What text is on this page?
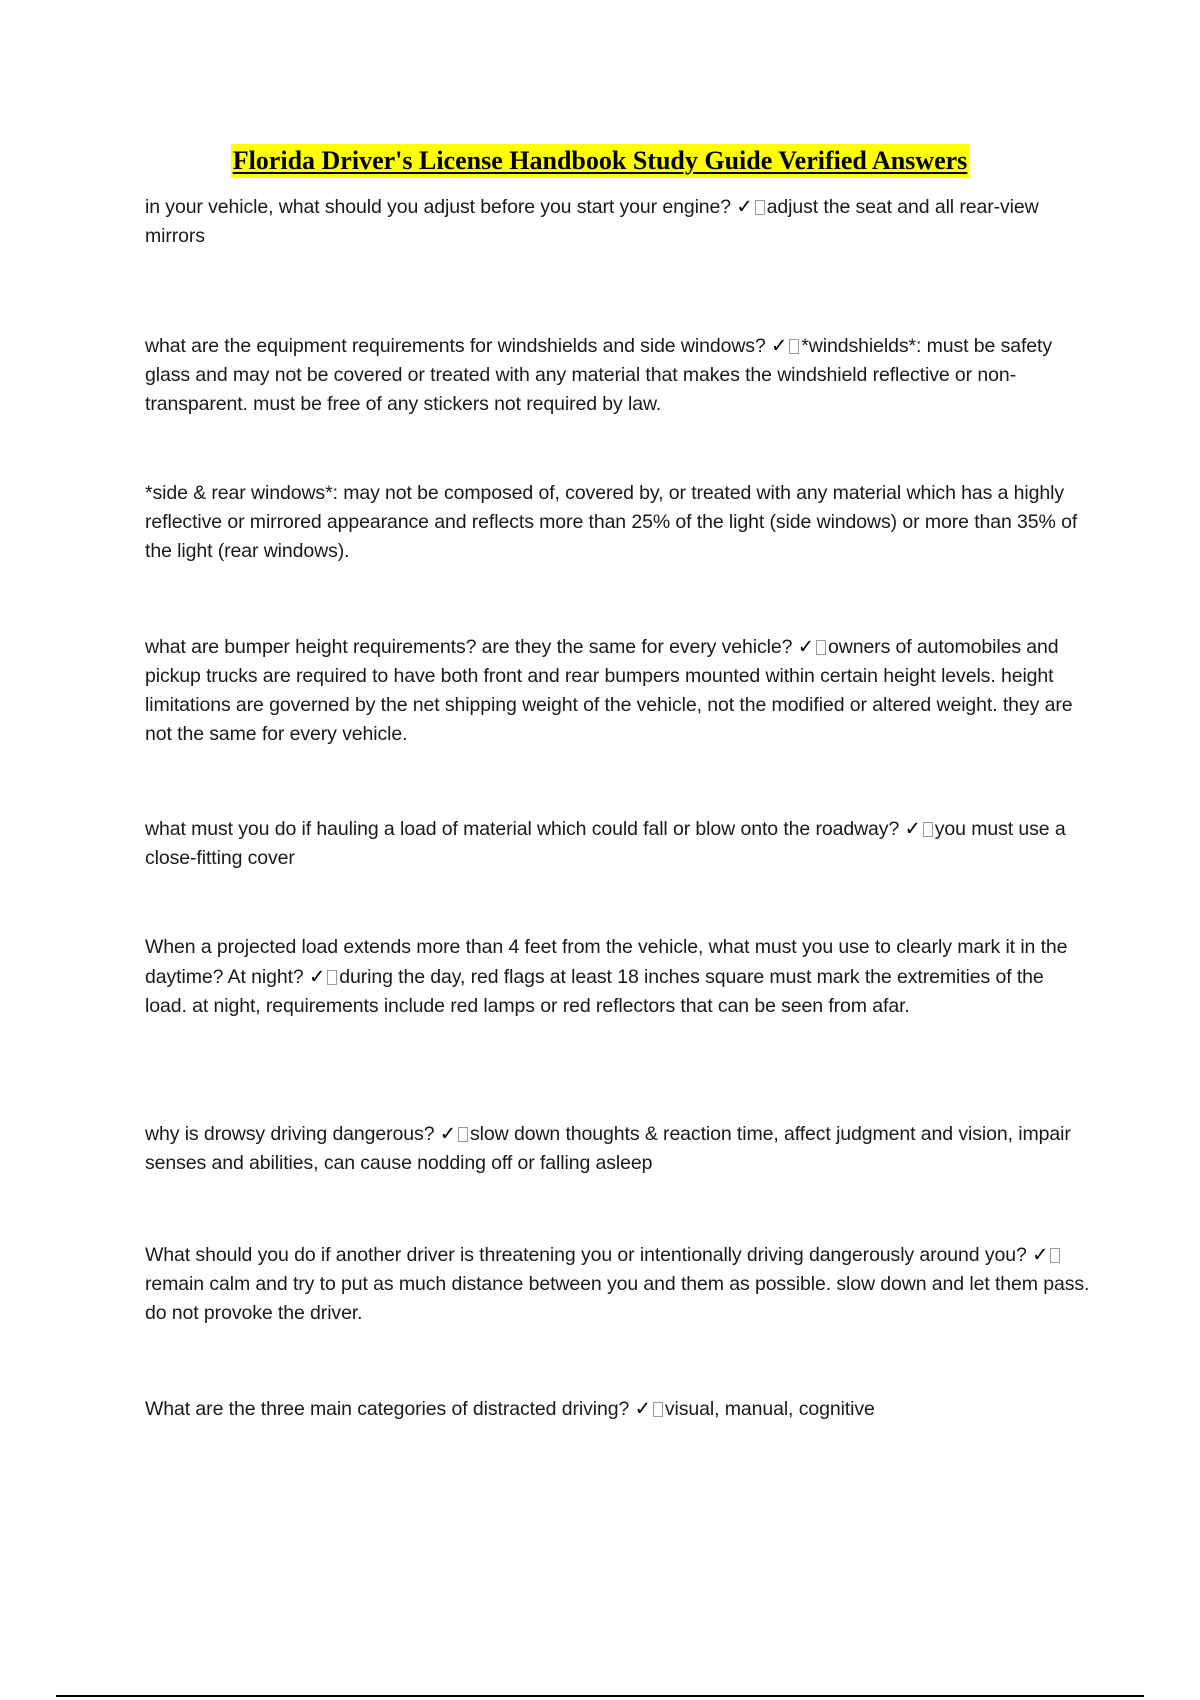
Florida Driver's License Handbook Study Guide Verified Answers
in your vehicle, what should you adjust before you start your engine? ✓ adjust the seat and all rear-view mirrors
what are the equipment requirements for windshields and side windows? ✓ *windshields*: must be safety glass and may not be covered or treated with any material that makes the windshield reflective or non-transparent. must be free of any stickers not required by law.
*side & rear windows*: may not be composed of, covered by, or treated with any material which has a highly reflective or mirrored appearance and reflects more than 25% of the light (side windows) or more than 35% of the light (rear windows).
what are bumper height requirements? are they the same for every vehicle? ✓ owners of automobiles and pickup trucks are required to have both front and rear bumpers mounted within certain height levels. height limitations are governed by the net shipping weight of the vehicle, not the modified or altered weight. they are not the same for every vehicle.
what must you do if hauling a load of material which could fall or blow onto the roadway? ✓ you must use a close-fitting cover
When a projected load extends more than 4 feet from the vehicle, what must you use to clearly mark it in the daytime? At night? ✓ during the day, red flags at least 18 inches square must mark the extremities of the load. at night, requirements include red lamps or red reflectors that can be seen from afar.
why is drowsy driving dangerous? ✓ slow down thoughts & reaction time, affect judgment and vision, impair senses and abilities, can cause nodding off or falling asleep
What should you do if another driver is threatening you or intentionally driving dangerously around you? ✓remain calm and try to put as much distance between you and them as possible. slow down and let them pass. do not provoke the driver.
What are the three main categories of distracted driving? ✓ visual, manual, cognitive
